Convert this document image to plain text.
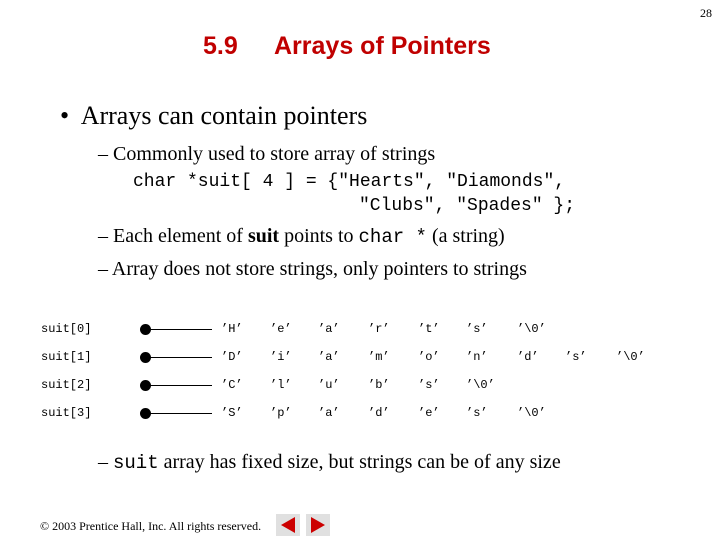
28
5.9 Arrays of Pointers
• Arrays can contain pointers
– Commonly used to store array of strings
char *suit[ 4 ] = {"Hearts", "Diamonds",
"Clubs", "Spades" };
– Each element of suit points to char * (a string)
– Array does not store strings, only pointers to strings
suit[0]	’H’ ’e’ ’a’ ’r’ ’t’ ’s’ ’\0’
suit[1]	’D’ ’i’ ’a’ ’m’ ’o’ ’n’ ’d’ ’s’ ’\0’
suit[2]	’C’ ’l’ ’u’ ’b’ ’s’ ’\0’
suit[3]	’S’ ’p’ ’a’ ’d’ ’e’ ’s’ ’\0’
– suit array has fixed size, but strings can be of any size
© 2003 Prentice Hall, Inc. All rights reserved.
